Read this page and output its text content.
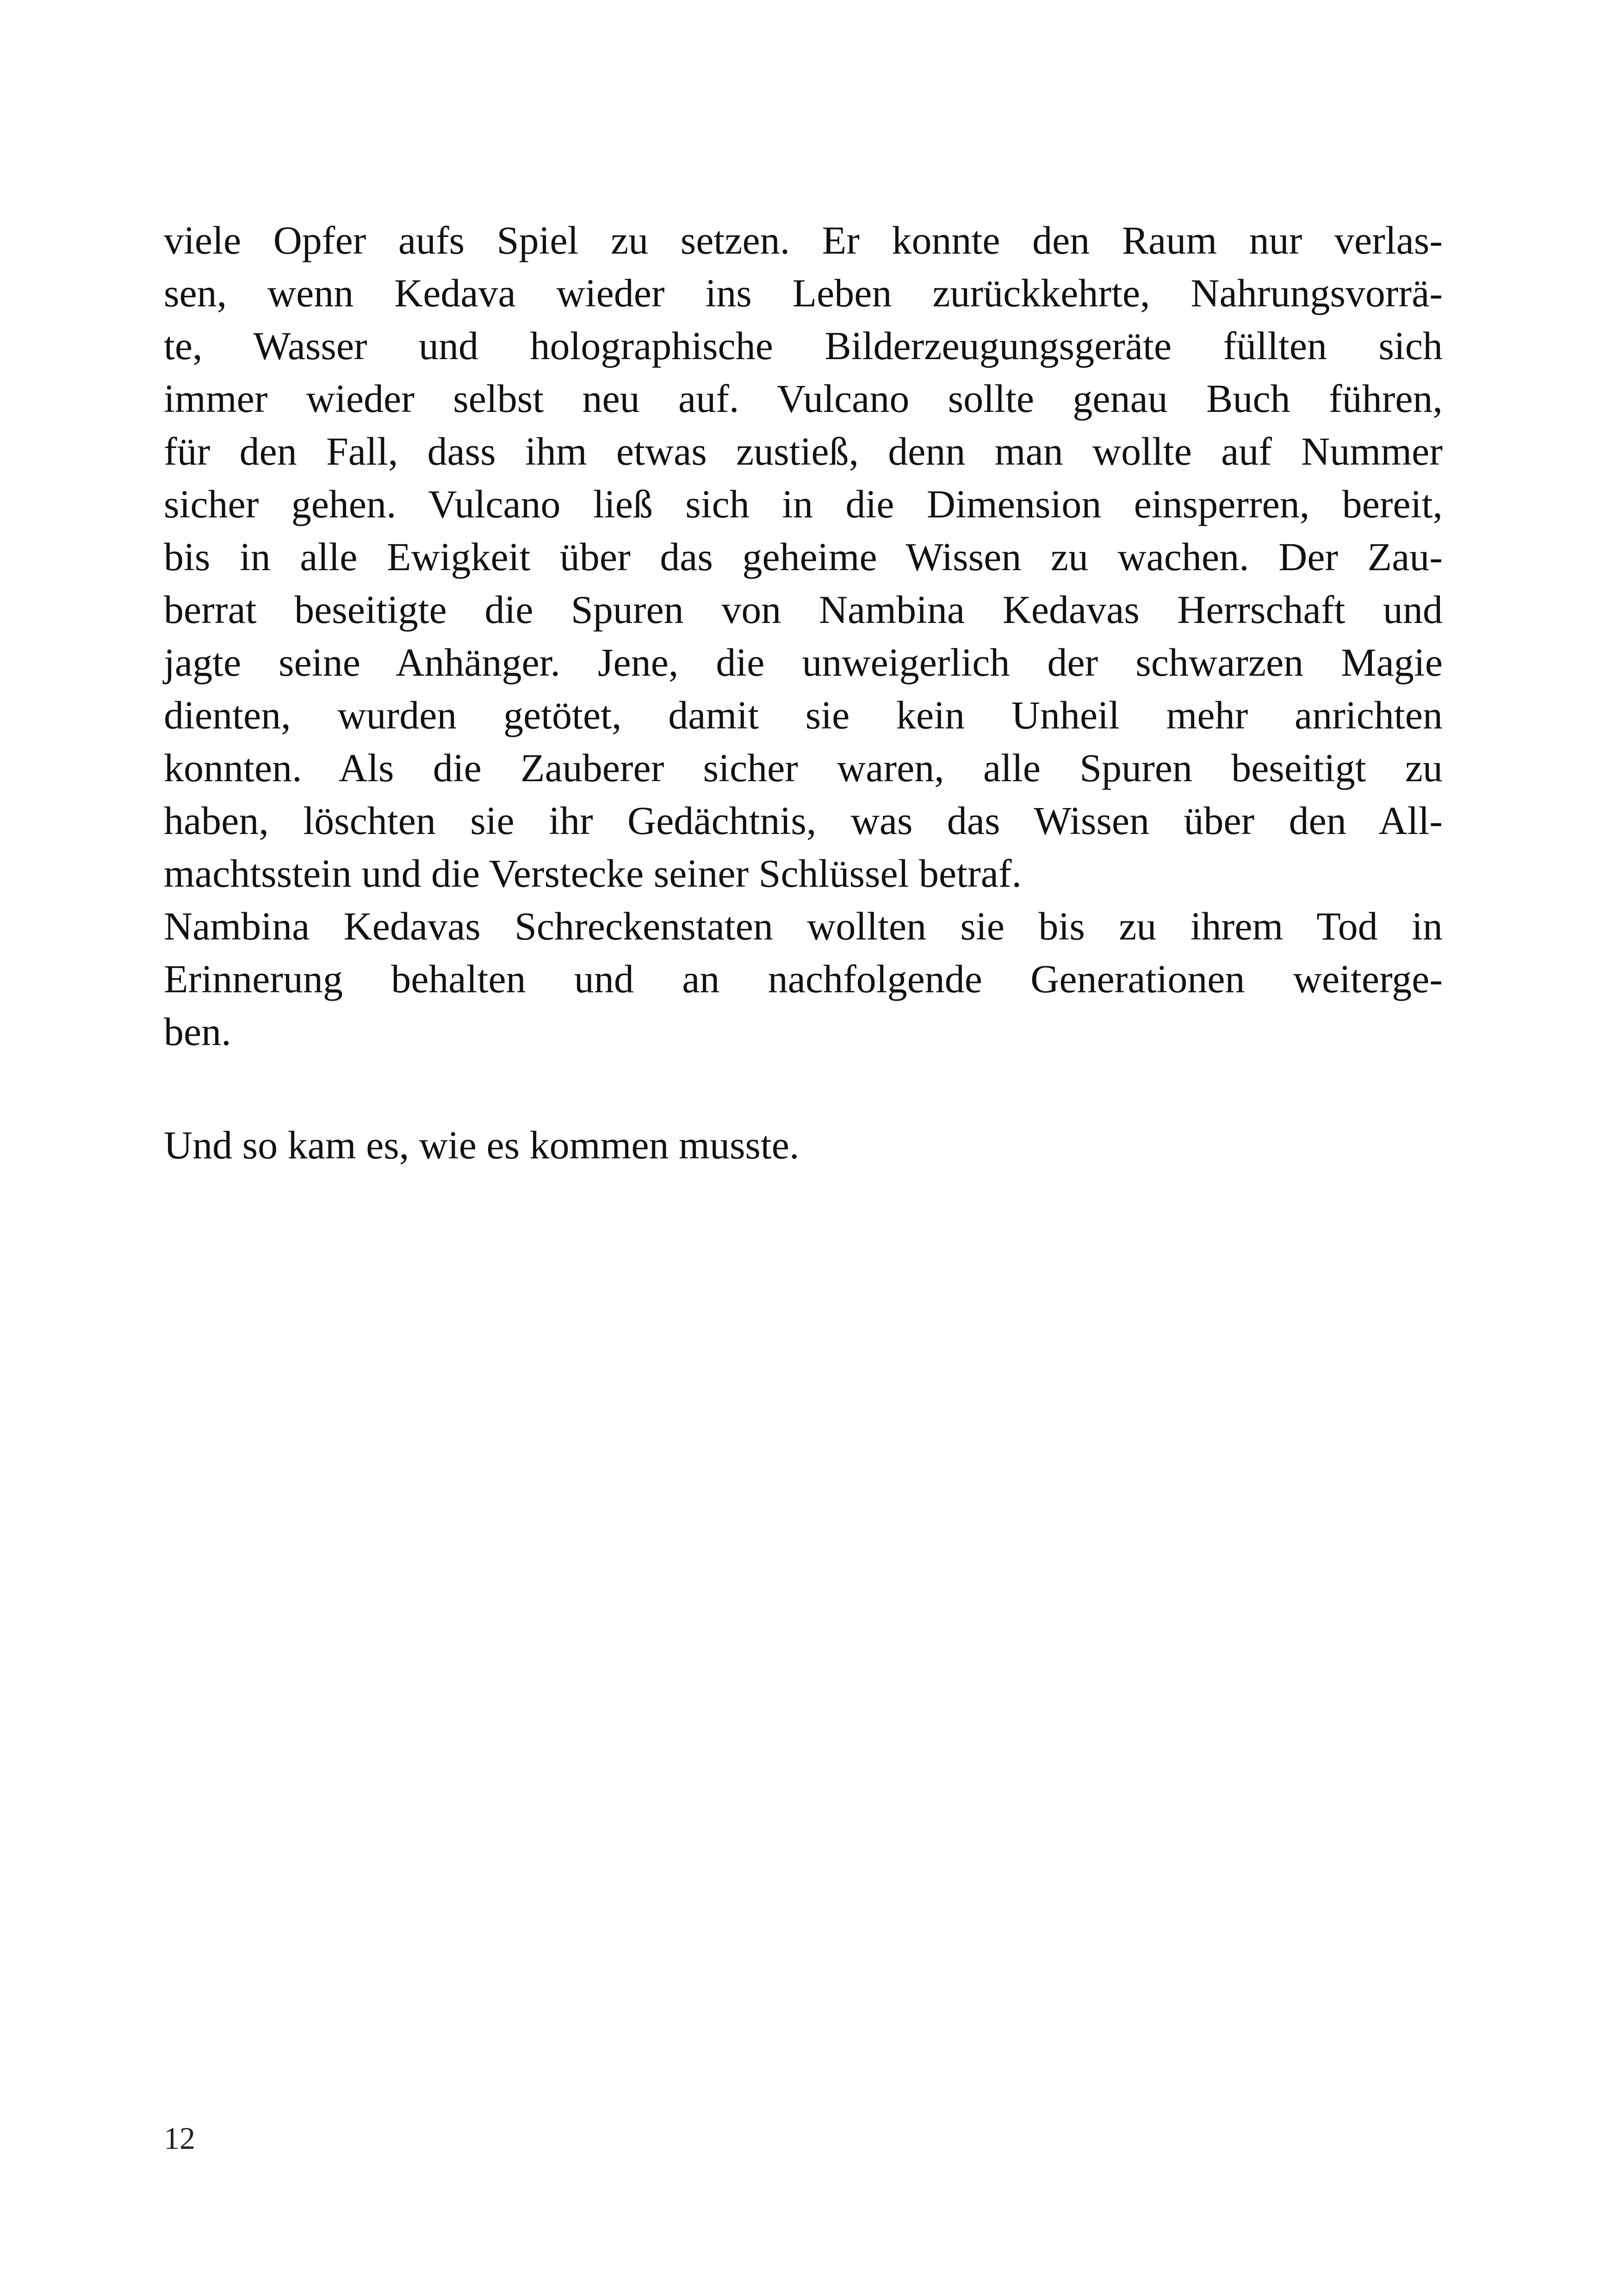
viele Opfer aufs Spiel zu setzen. Er konnte den Raum nur verlas-
sen, wenn Kedava wieder ins Leben zurückkehrte, Nahrungsvorrä-
te, Wasser und holographische Bilderzeugungsgeräte füllten sich
immer wieder selbst neu auf. Vulcano sollte genau Buch führen,
für den Fall, dass ihm etwas zustieß, denn man wollte auf Nummer
sicher gehen. Vulcano ließ sich in die Dimension einsperren, bereit,
bis in alle Ewigkeit über das geheime Wissen zu wachen. Der Zau-
berrat beseitigte die Spuren von Nambina Kedavas Herrschaft und
jagte seine Anhänger. Jene, die unweigerlich der schwarzen Magie
dienten, wurden getötet, damit sie kein Unheil mehr anrichten
konnten. Als die Zauberer sicher waren, alle Spuren beseitigt zu
haben, löschten sie ihr Gedächtnis, was das Wissen über den All-
machtsstein und die Verstecke seiner Schlüssel betraf.
Nambina Kedavas Schreckenstaten wollten sie bis zu ihrem Tod in
Erinnerung behalten und an nachfolgende Generationen weiterge-
ben.
Und so kam es, wie es kommen musste.
12
